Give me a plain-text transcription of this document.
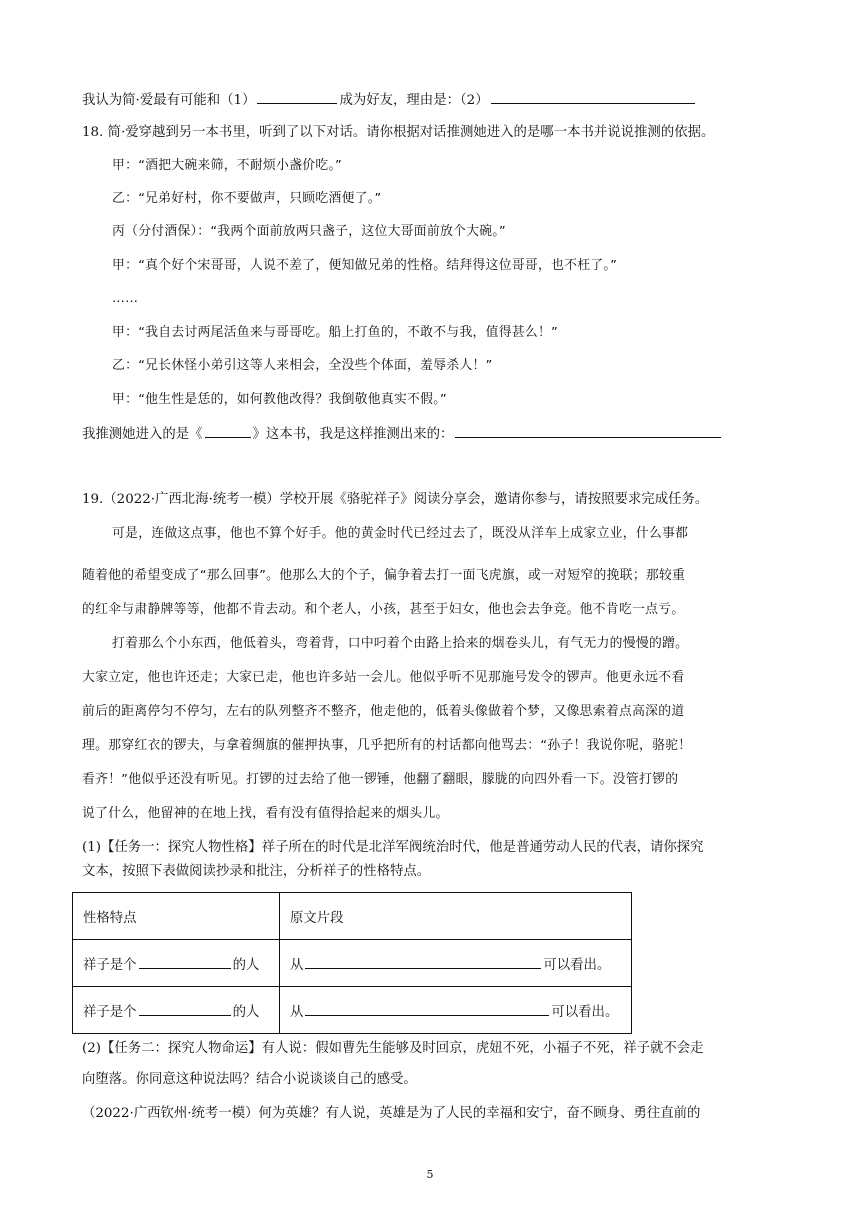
我认为简·爱最有可能和（1）	成为好友，理由是：（2）
18. 简·爱穿越到另一本书里，听到了以下对话。请你根据对话推测她进入的是哪一本书并说说推测的依据。
甲：“酒把大碗来筛，不耐烦小盏价吃。”
乙：“兄弟好村，你不要做声，只顾吃酒便了。”
丙（分付酒保）：“我两个面前放两只盏子，这位大哥面前放个大碗。”
甲：“真个好个宋哥哥，人说不差了，便知做兄弟的性格。结拜得这位哥哥，也不枉了。”
……
甲：“我自去讨两尾活鱼来与哥哥吃。船上打鱼的，不敢不与我，值得甚么！”
乙：“兄长休怪小弟引这等人来相会，全没些个体面，羞辱杀人！”
甲：“他生性是恁的，如何教他改得？我倒敬他真实不假。”
我推测她进入的是《	》这本书，我是这样推测出来的：
19.（2022·广西北海·统考一模）学校开展《骆驼祥子》阅读分享会，邀请你参与，请按照要求完成任务。
可是，连做这点事，他也不算个好手。他的黄金时代已经过去了，既没从洋车上成家立业，什么事都
随着他的希望变成了“那么回事”。他那么大的个子，偏争着去打一面飞虎旗，或一对短窄的挽联；那较重
的红伞与肃静牌等等，他都不肯去动。和个老人，小孩，甚至于妇女，他也会去争竞。他不肯吃一点亏。
打着那么个小东西，他低着头，弯着背，口中叼着个由路上拾来的烟卷头儿，有气无力的慢慢的蹭。
大家立定，他也许还走；大家已走，他也许多站一会儿。他似乎听不见那施号发令的锣声。他更永远不看
前后的距离停匀不停匀，左右的队列整齐不整齐，他走他的，低着头像做着个梦，又像思索着点高深的道
理。那穿红衣的锣夫，与拿着绸旗的催押执事，几乎把所有的村话都向他骂去：“孙子！我说你呢，骆驼！
看齐！”他似乎还没有听见。打锣的过去给了他一锣锤，他翻了翻眼，朦胧的向四外看一下。没管打锣的
说了什么，他留神的在地上找，看有没有值得拾起来的烟头儿。
(1)【任务一：探究人物性格】祥子所在的时代是北洋军阀统治时代，他是普通劳动人民的代表，请你探究
文本，按照下表做阅读抄录和批注，分析祥子的性格特点。
性格特点	原文片段
祥子是个 的人	从 可以看出。
祥子是个 的人	从 可以看出。
(2)【任务二：探究人物命运】有人说：假如曹先生能够及时回京，虎妞不死，小福子不死，祥子就不会走
向堕落。你同意这种说法吗？结合小说谈谈自己的感受。
（2022·广西钦州·统考一模）何为英雄？有人说，英雄是为了人民的幸福和安宁，奋不顾身、勇往直前的
5
